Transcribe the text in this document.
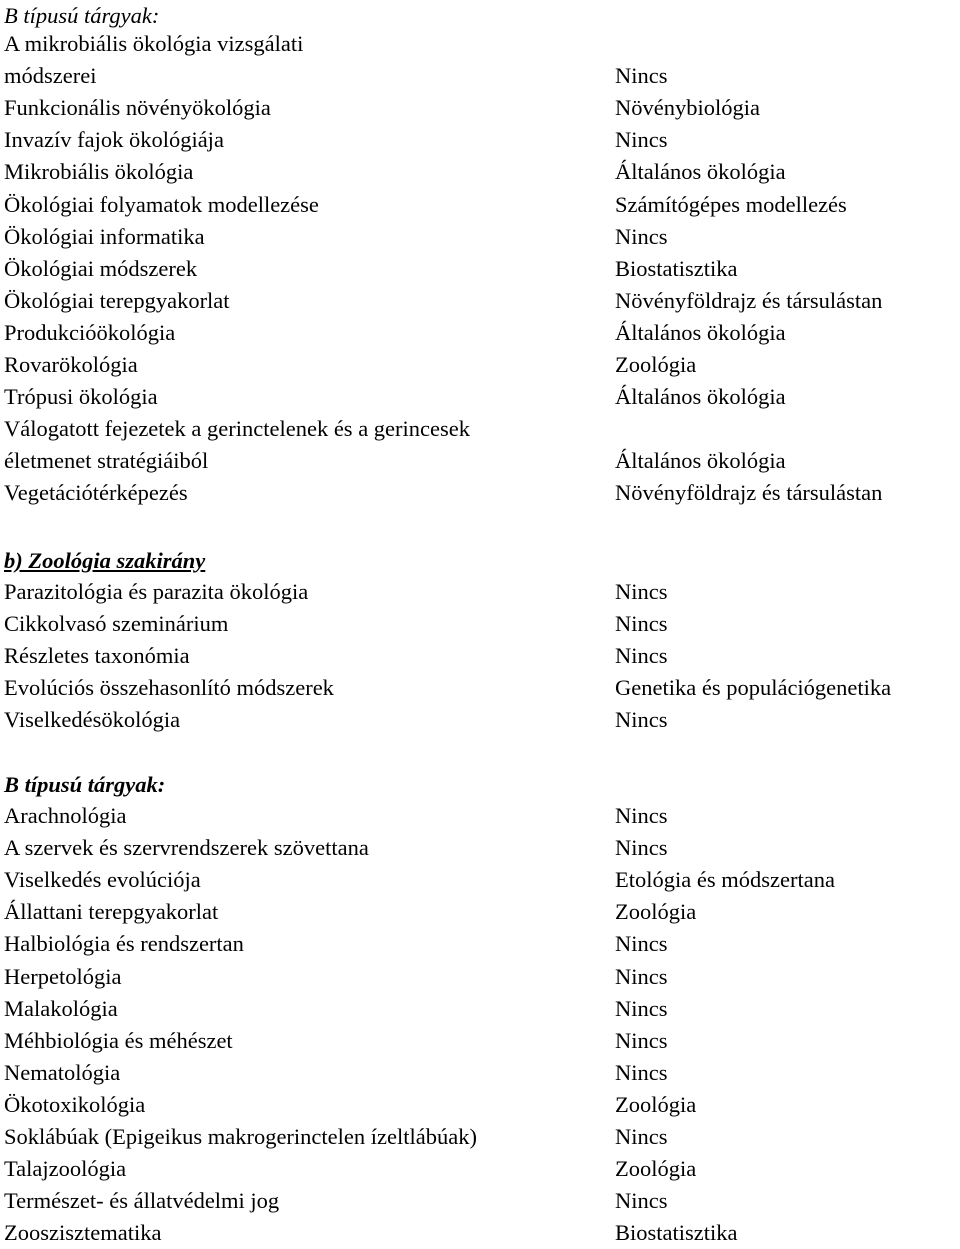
B típusú tárgyak:
A mikrobiális ökológia vizsgálati
módszerei	Nincs
Funkcionális növényökológia	Növénybiológia
Invazív fajok ökológiája	Nincs
Mikrobiális ökológia	Általános ökológia
Ökológiai folyamatok modellezése	Számítógépes modellezés
Ökológiai informatika	Nincs
Ökológiai módszerek	Biostatisztika
Ökológiai terepgyakorlat	Növényföldrajz és társulástan
Produkcióökológia	Általános ökológia
Rovarökológia	Zoológia
Trópusi ökológia	Általános ökológia
Válogatott fejezetek a gerinctelenek és a gerincesek
életmenet stratégiáiból	Általános ökológia
Vegetációtérképezés	Növényföldrajz és társulástan
b) Zoológia szakirány
Parazitológia és parazita ökológia	Nincs
Cikkolvasó szeminárium	Nincs
Részletes taxonómia	Nincs
Evolúciós összehasonlító módszerek	Genetika és populációgenetika
Viselkedésökológia	Nincs
B típusú tárgyak:
Arachnológia	Nincs
A szervek és szervrendszerek szövettana	Nincs
Viselkedés evolúciója	Etológia és módszertana
Állattani terepgyakorlat	Zoológia
Halbiológia és rendszertan	Nincs
Herpetológia	Nincs
Malakológia	Nincs
Méhbiológia és méhészet	Nincs
Nematológia	Nincs
Ökotoxikológia	Zoológia
Soklábúak (Epigeikus makrogerinctelen ízeltlábúak)	Nincs
Talajzoológia	Zoológia
Természet- és állatvédelmi jog	Nincs
Zooszisztematika	Biostatisztika
